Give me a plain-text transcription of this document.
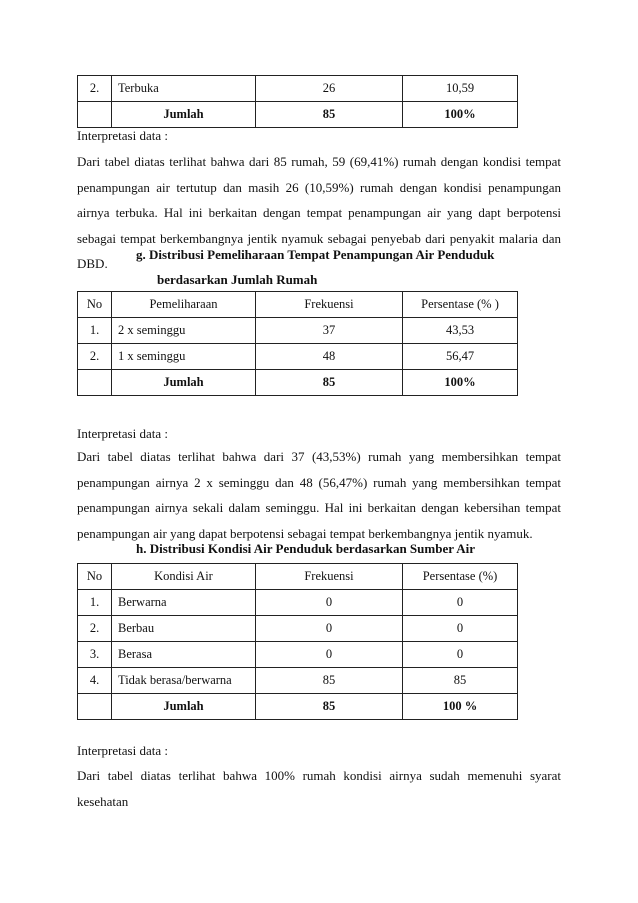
2.	Terbuka	26	10,59
	Jumlah	85	100%

Interpretasi data :

Dari tabel diatas terlihat bahwa dari 85 rumah, 59 (69,41%) rumah dengan kondisi tempat penampungan air tertutup dan masih 26 (10,59%) rumah dengan kondisi penampungan airnya terbuka. Hal ini berkaitan dengan tempat penampungan air yang dapt berpotensi sebagai tempat berkembangnya jentik nyamuk sebagai penyebab dari penyakit malaria dan DBD.

g. Distribusi Pemeliharaan Tempat Penampungan Air Penduduk

berdasarkan Jumlah Rumah

No	Pemeliharaan	Frekuensi	Persentase (% )
1.	2 x seminggu	37	43,53
2.	1 x seminggu	48	56,47
	Jumlah	85	100%

Interpretasi data :

Dari tabel diatas terlihat bahwa dari 37 (43,53%) rumah yang membersihkan tempat penampungan airnya 2 x seminggu dan 48 (56,47%) rumah yang membersihkan tempat penampungan airnya sekali dalam seminggu. Hal ini berkaitan dengan kebersihan tempat penampungan air yang dapat berpotensi sebagai tempat berkembangnya jentik nyamuk.

h. Distribusi Kondisi Air Penduduk berdasarkan Sumber Air

No	Kondisi Air	Frekuensi	Persentase (%)
1.	Berwarna	0	0
2.	Berbau	0	0
3.	Berasa	0	0
4.	Tidak berasa/berwarna	85	85
	Jumlah	85	100 %

Interpretasi data :

Dari tabel diatas terlihat bahwa 100% rumah kondisi airnya sudah memenuhi syarat kesehatan
